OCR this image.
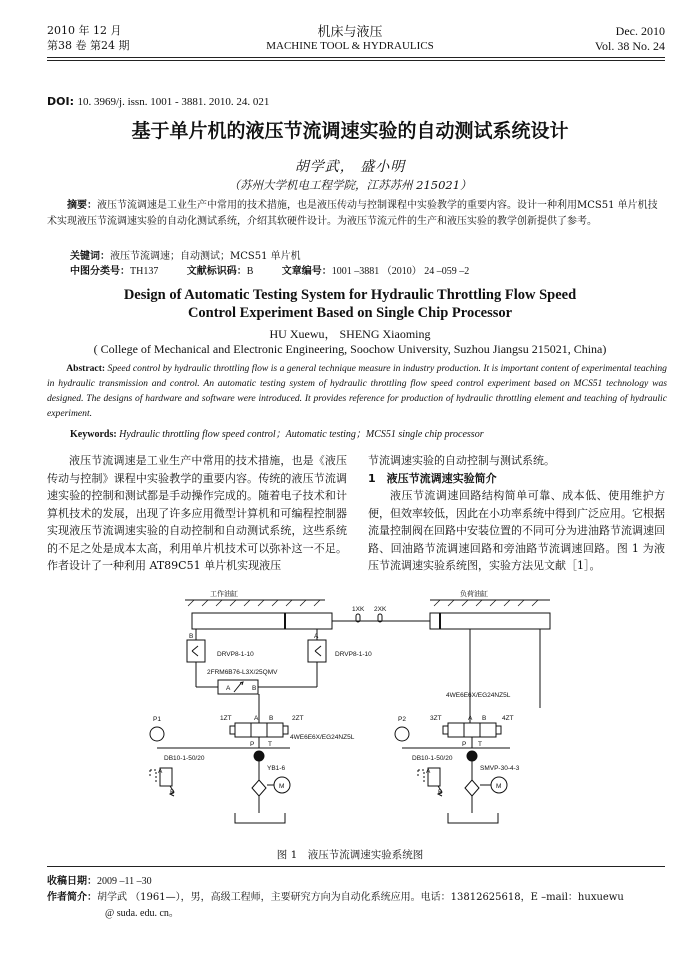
2010 年 12 月
第38 卷 第24 期
机床与液压
MACHINE TOOL & HYDRAULICS
Dec. 2010
Vol. 38 No. 24
DOI: 10. 3969/j. issn. 1001 - 3881. 2010. 24. 021
基于单片机的液压节流调速实验的自动测试系统设计
胡学武， 盛小明
（苏州大学机电工程学院，江苏苏州 215021）
摘要：液压节流调速是工业生产中常用的技术措施，也是液压传动与控制课程中实验教学的重要内容。设计一种利用MCS51 单片机技术实现液压节流调速实验的自动化测试系统，介绍其软硬件设计。为液压节流元件的生产和液压实验的教学创新提供了参考。
关键词：液压节流调速；自动测试；MCS51 单片机
中图分类号：TH137	文献标识码：B	文章编号：1001 –3881 （2010） 24 –059 –2
Design of Automatic Testing System for Hydraulic Throttling Flow Speed
Control Experiment Based on Single Chip Processor
HU Xuewu， SHENG Xiaoming
( College of Mechanical and Electronic Engineering, Soochow University, Suzhou Jiangsu 215021, China)
Abstract: Speed control by hydraulic throttling flow is a general technique measure in industry production. It is important content of experimental teaching in hydraulic transmission and control. An automatic testing system of hydraulic throttling flow speed control experiment based on MCS51 technology was designed. The designs of hardware and software were introduced. It provides reference for production of hydraulic throttling element and teaching of hydraulic experiment.
Keywords: Hydraulic throttling flow speed control；Automatic testing；MCS51 single chip processor

液压节流调速是工业生产中常用的技术措施，也是《液压传动与控制》课程中实验教学的重要内容。传统的液压节流调速实验的控制和测试都是手动操作完成的。随着电子技术和计算机技术的发展，出现了许多应用微型计算机和可编程控制器实现液压节流调速实验的自动控制和自动测试系统，这些系统的不足之处是成本太高，利用单片机技术可以弥补这一不足。作者设计了一种利用 AT89C51 单片机实现液压

节流调速实验的自动控制与测试系统。
1　液压节流调速实验简介

液压节流调速回路结构简单可靠、成本低、使用维护方便，但效率较低，因此在小功率系统中得到广泛应用。它根据流量控制阀在回路中安装位置的不同可分为进油路节流调速回路、回油路节流调速回路和旁油路节流调速回路。图 1 为液压节流调速实验系统图，实验方法见文献［1］。

工作油缸
1XK 2XK
负荷油缸
B
DRVP8-1-10
A
DRVP8-1-10
2FRM6B76-L3X/25QMV
A	B
1ZT	2ZT
A B
P T
4WE6E6X/EG24NZ5L
P1
DB10-1-50/20
YB1-6
A
B
M
4WE6E6X/EG24NZ5L
3ZT	4ZT
A B
P T
P2
DB10-1-50/20
SMVP-30-4-3
A
B
M
图 1　液压节流调速实验系统图
收稿日期：2009 –11 –30
作者简介：胡学武 （1961—），男，高级工程师，主要研究方向为自动化系统应用。电话：13812625618，E –mail：huxuewu
@ suda. edu. cn。
